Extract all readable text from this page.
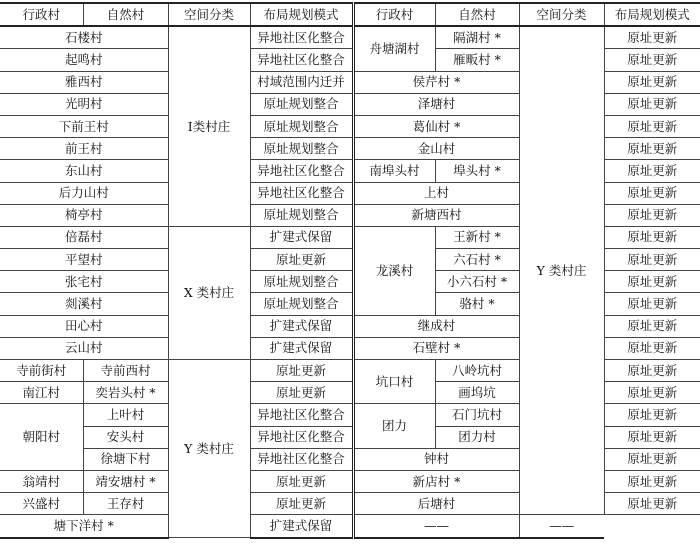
行政村	自然村	空间分类	布局规划模式	行政村	自然村	空间分类	布局规划模式
石楼村		Ⅰ类村庄	异地社区化整合	舟塘湖村	隔湖村 *	Y 类村庄	原址更新
起鸣村			异地社区化整合		雁畈村 *		原址更新
雅西村			村域范围内迁并	侯芹村 *			原址更新
光明村			原址规划整合	泽塘村			原址更新
下前王村			原址规划整合	葛仙村 *			原址更新
前王村			原址规划整合	金山村			原址更新
东山村			异地社区化整合	南埠头村	埠头村 *		原址更新
后力山村			异地社区化整合	上村			原址更新
椅亭村			原址规划整合	新塘西村			原址更新
倍磊村		X 类村庄	扩建式保留	龙溪村	王新村 *		原址更新
平望村			原址更新		六石村 *		原址更新
张宅村			原址规划整合		小六石村 *		原址更新
剡溪村			原址规划整合		骆村 *		原址更新
田心村			扩建式保留	继成村			原址更新
云山村			扩建式保留	石壁村 *			原址更新
寺前街村	寺前西村	Y 类村庄	原址更新	坑口村	八岭坑村		原址更新
南江村	奕岩头村 *		原址更新		画坞坑		原址更新
朝阳村	上叶村		异地社区化整合	团力	石门坑村		原址更新
	安头村		异地社区化整合		团力村		原址更新
	徐塘下村		异地社区化整合	钟村			原址更新
翁靖村	靖安塘村 *		原址更新	新店村 *			原址更新
兴盛村	王存村		原址更新	后塘村			原址更新
塘下洋村 *			扩建式保留	——		——	
